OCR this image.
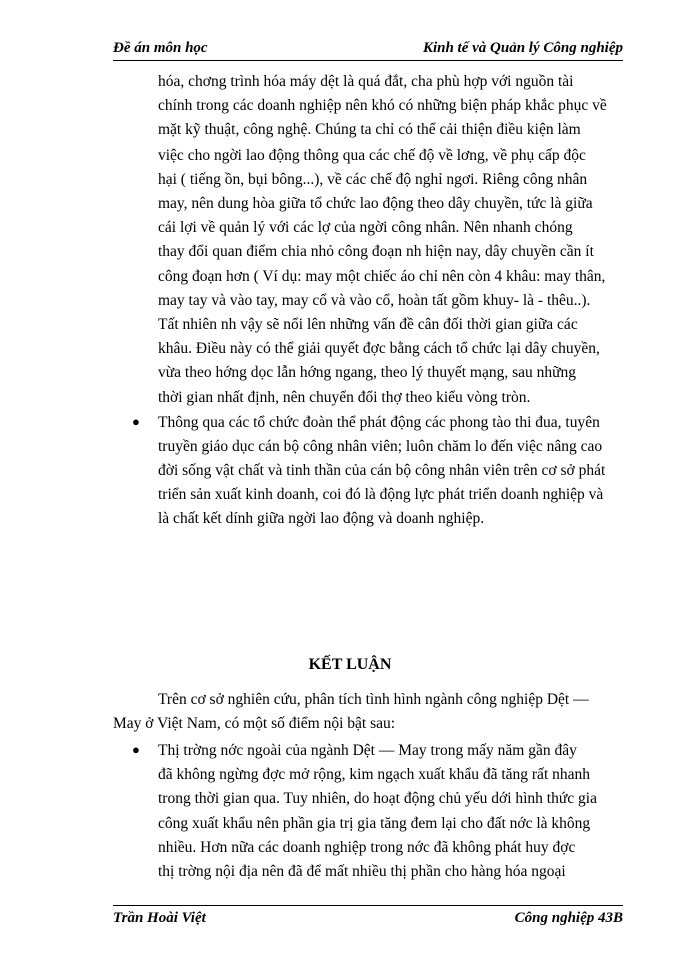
Đề án môn học	Kinh tế và Quản lý Công nghiệp
hóa, chơng trình hóa máy dệt là quá đắt, cha phù hợp với nguồn tài
chính trong các doanh nghiệp nên khó có những biện pháp khắc phục về
mặt kỹ thuật, công nghệ. Chúng ta chỉ có thể cải thiện điều kiện làm
việc cho ngời lao động thông qua các chế độ về lơng, về phụ cấp độc
hại ( tiếng ồn, bụi bông...), về các chế độ nghỉ ngơi. Riêng công nhân
may, nên dung hòa giữa tổ chức lao động theo dây chuyền, tức là giữa
cái lợi về quản lý với các lợ của ngời công nhân. Nên nhanh chóng
thay đổi quan điểm chia nhỏ công đoạn nh hiện nay, dây chuyền cần ít
công đoạn hơn ( Ví dụ: may một chiếc áo chỉ nên còn 4 khâu: may thân,
may tay và vào tay, may cổ và vào cổ, hoàn tất gồm khuy- là - thêu..).
Tất nhiên nh vậy sẽ nổi lên những vấn đề cân đối thời gian giữa các
khâu. Điều này có thể giải quyết đợc bằng cách tổ chức lại dây chuyền,
vừa theo hớng dọc lẫn hớng ngang, theo lý thuyết mạng, sau những
thời gian nhất định, nên chuyển đổi thợ theo kiểu vòng tròn.
● Thông qua các tổ chức đoàn thể phát động các phong tào thi đua, tuyên
truyền giáo dục cán bộ công nhân viên; luôn chăm lo đến việc nâng cao
đời sống vật chất và tinh thần của cán bộ công nhân viên trên cơ sở phát
triển sản xuất kinh doanh, coi đó là động lực phát triển doanh nghiệp và
là chất kết dính giữa ngời lao động và doanh nghiệp.
KẾT LUẬN
Trên cơ sở nghiên cứu, phân tích tình hình ngành công nghiệp Dệt —
May ở Việt Nam, có một số điểm nội bật sau:
● Thị trờng nớc ngoài của ngành Dệt — May trong mấy năm gần đây
đã không ngừng đợc mở rộng, kim ngạch xuất khẩu đã tăng rất nhanh
trong thời gian qua. Tuy nhiên, do hoạt động chủ yếu dới hình thức gia
công xuất khẩu nên phần gia trị gia tăng đem lại cho đất nớc là không
nhiều. Hơn nữa các doanh nghiệp trong nớc đã không phát huy đợc
thị trờng nội địa nên đã để mất nhiều thị phần cho hàng hóa ngoại
Trần Hoài Việt	Công nghiệp 43B
